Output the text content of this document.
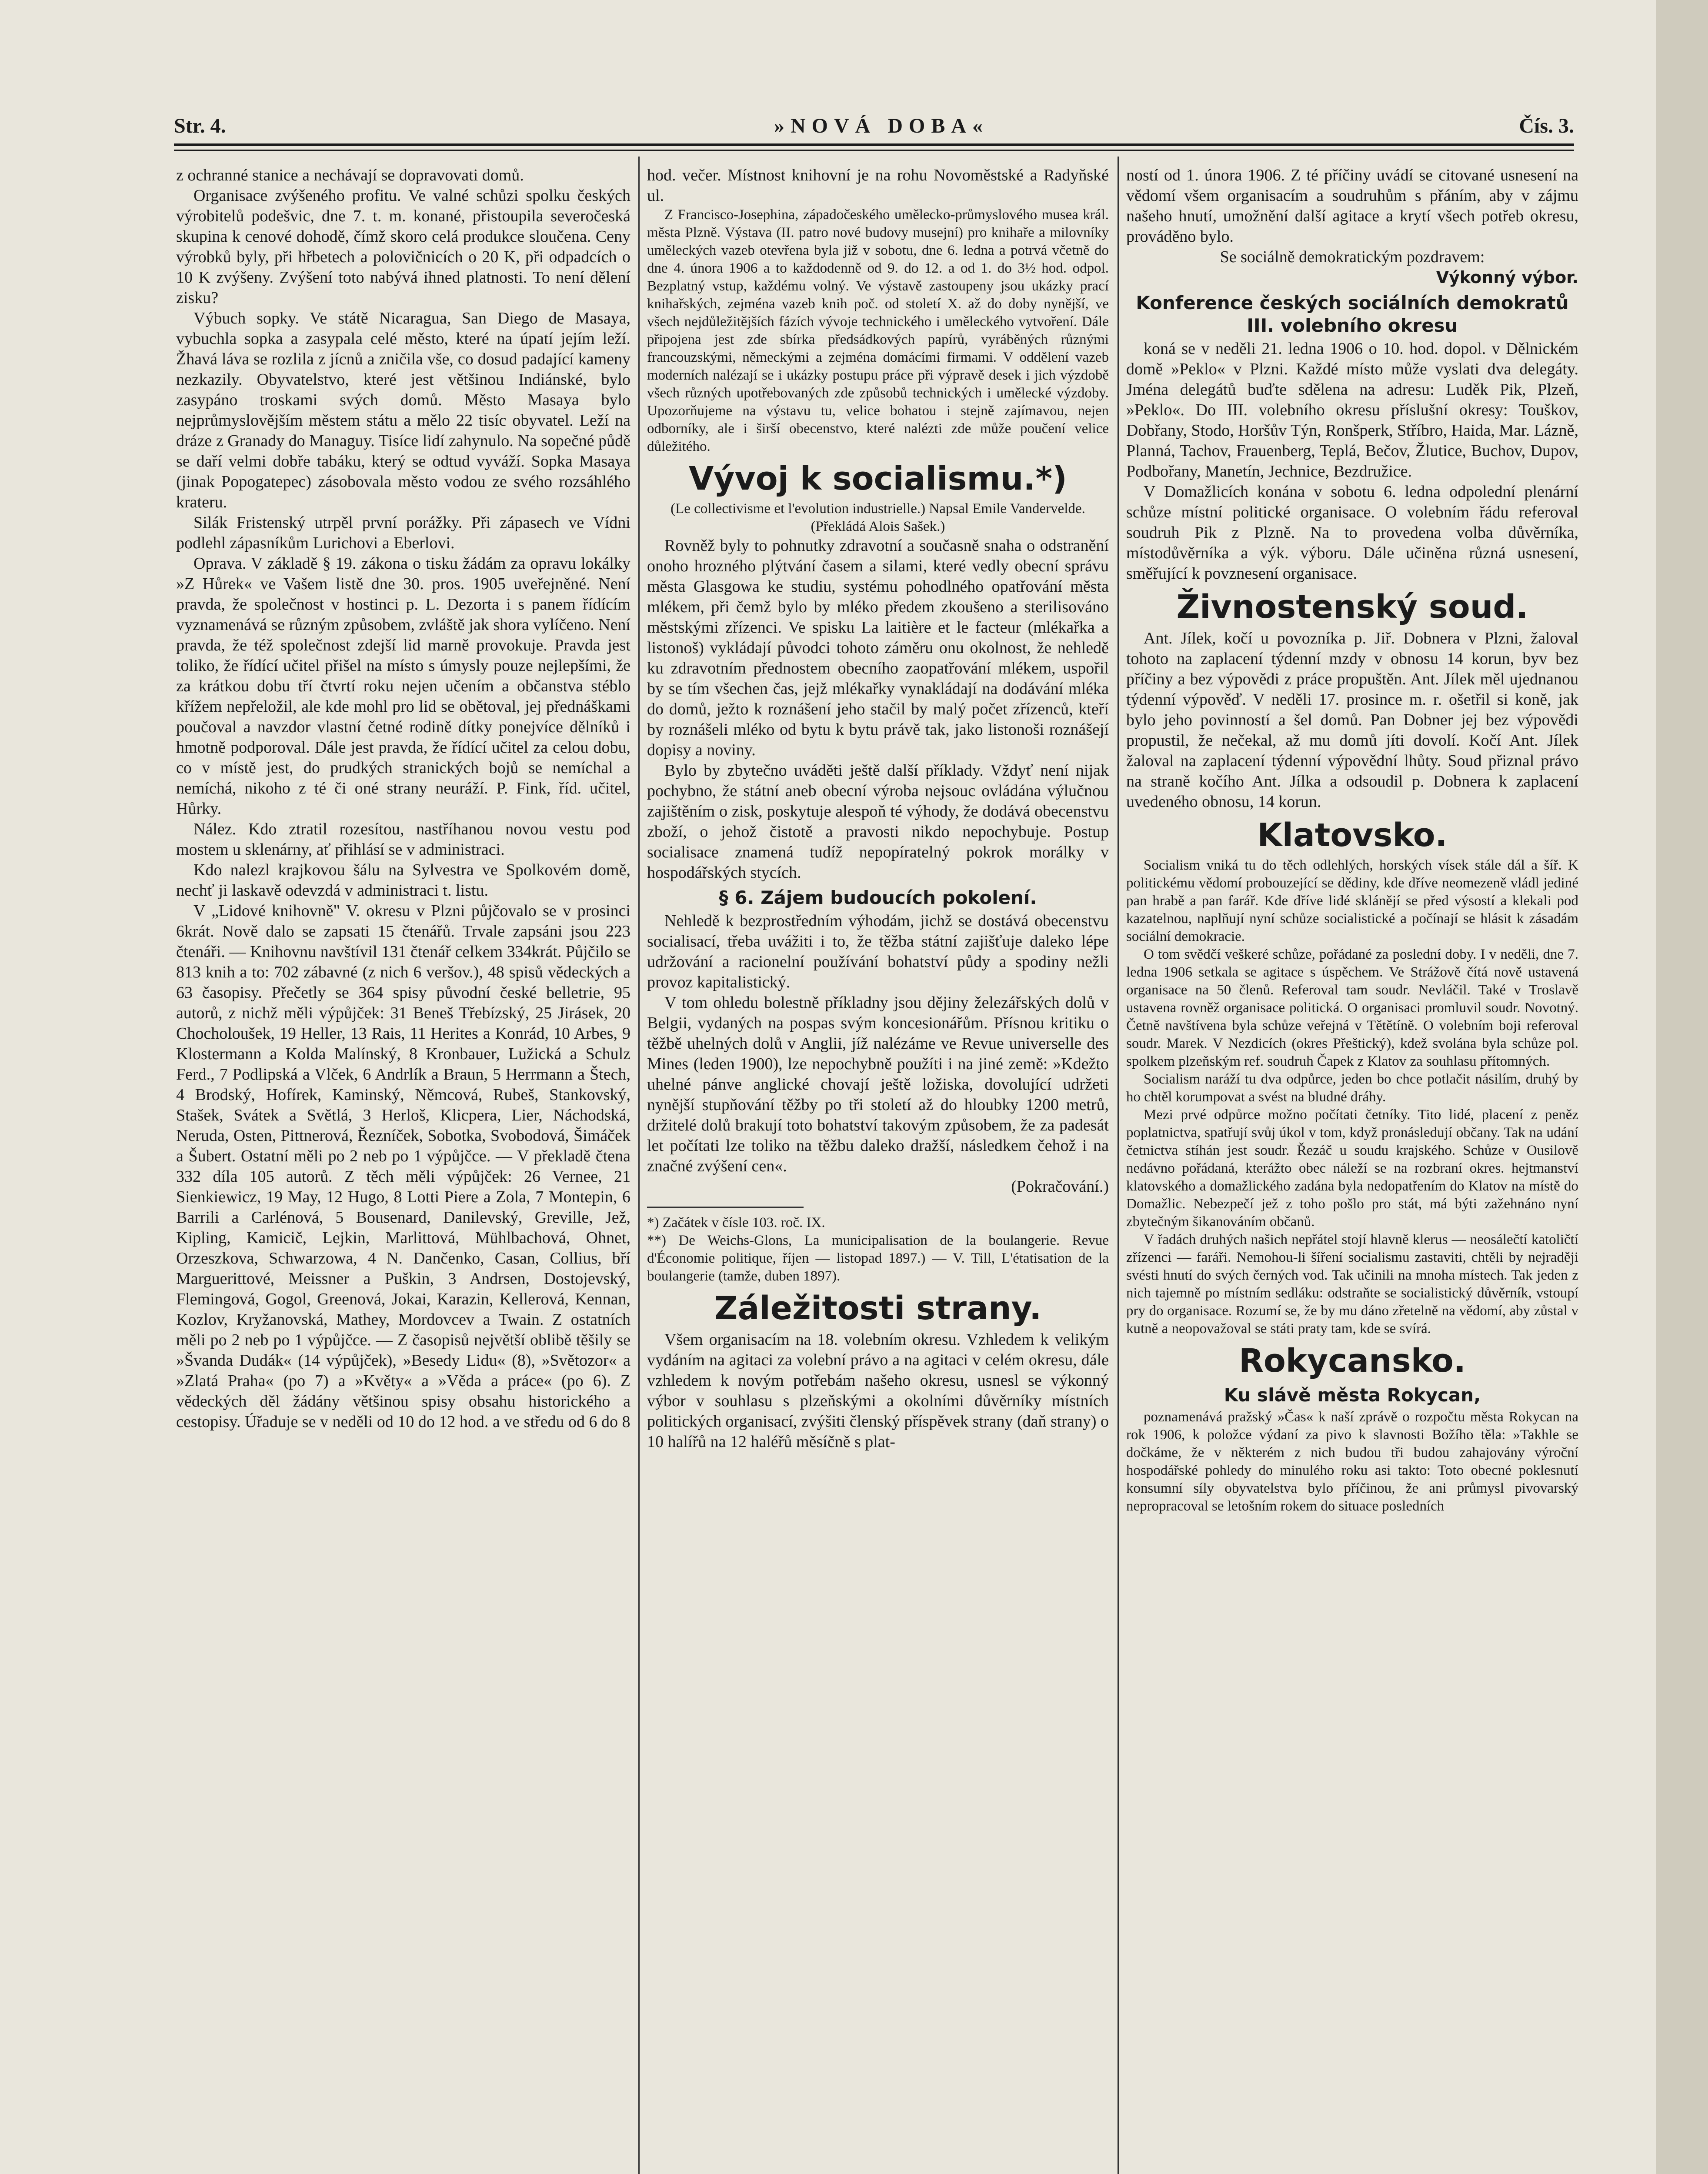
Str. 4.	»NOVÁ DOBA«	Čís. 3.

z ochranné stanice a nechávají se dopravovati domů.

Organisace zvýšeného profitu. Ve valné schůzi spolku českých výrobitelů podešvic, dne 7. t. m. konané, přistoupila severočeská skupina k cenové dohodě, čímž skoro celá produkce sloučena. Ceny výrobků byly, při hřbetech a polovičnicích o 20 K, při odpadcích o 10 K zvýšeny. Zvýšení toto nabývá ihned platnosti. To není dělení zisku?

Výbuch sopky. Ve státě Nicaragua, San Diego de Masaya, vybuchla sopka a zasypala celé město, které na úpatí jejím leží. Žhavá láva se rozlila z jícnů a zničila vše, co dosud padající kameny nezkazily. Obyvatelstvo, které jest většinou Indiánské, bylo zasypáno troskami svých domů. Město Masaya bylo nejprůmyslovějším městem státu a mělo 22 tisíc obyvatel. Leží na dráze z Granady do Managuy. Tisíce lidí zahynulo. Na sopečné půdě se daří velmi dobře tabáku, který se odtud vyváží. Sopka Masaya (jinak Popogatepec) zásobovala město vodou ze svého rozsáhlého krateru.

Silák Fristenský utrpěl první porážky. Při zápasech ve Vídni podlehl zápasníkům Lurichovi a Eberlovi.

Oprava. V základě § 19. zákona o tisku žádám za opravu lokálky »Z Hůrek« ve Vašem listě dne 30. pros. 1905 uveřejněné. Není pravda, že společnost v hostinci p. L. Dezorta i s panem řídícím vyznamenává se různým způsobem, zvláště jak shora vylíčeno. Není pravda, že též společnost zdejší lid marně provokuje. Pravda jest toliko, že řídící učitel přišel na místo s úmysly pouze nejlepšími, že za krátkou dobu tří čtvrtí roku nejen učením a občanstva stéblo křížem nepřeložil, ale kde mohl pro lid se obětoval, jej přednáškami poučoval a navzdor vlastní četné rodině dítky ponejvíce dělníků i hmotně podporoval. Dále jest pravda, že řídící učitel za celou dobu, co v místě jest, do prudkých stranických bojů se nemíchal a nemíchá, nikoho z té či oné strany neuráží. P. Fink, říd. učitel, Hůrky.

Nález. Kdo ztratil rozesítou, nastříhanou novou vestu pod mostem u sklenárny, ať přihlásí se v administraci.

Kdo nalezl krajkovou šálu na Sylvestra ve Spolkovém domě, nechť ji laskavě odevzdá v administraci t. listu.

V „Lidové knihovně" V. okresu v Plzni půjčovalo se v prosinci 6krát. Nově dalo se zapsati 15 čtenářů. Trvale zapsáni jsou 223 čtenáři. — Knihovnu navštívil 131 čtenář celkem 334krát. Půjčilo se 813 knih a to: 702 zábavné (z nich 6 veršov.), 48 spisů vědeckých a 63 časopisy. Přečetly se 364 spisy původní české belletrie, 95 autorů, z nichž měli výpůjček: 31 Beneš Třebízský, 25 Jirásek, 20 Chocholoušek, 19 Heller, 13 Rais, 11 Herites a Konrád, 10 Arbes, 9 Klostermann a Kolda Malínský, 8 Kronbauer, Lužická a Schulz Ferd., 7 Podlipská a Vlček, 6 Andrlík a Braun, 5 Herrmann a Štech, 4 Brodský, Hofírek, Kaminský, Němcová, Rubeš, Stankovský, Stašek, Svátek a Světlá, 3 Herloš, Klicpera, Lier, Náchodská, Neruda, Osten, Pittnerová, Řezníček, Sobotka, Svobodová, Šimáček a Šubert. Ostatní měli po 2 neb po 1 výpůjčce. — V překladě čtena 332 díla 105 autorů. Z těch měli výpůjček: 26 Vernee, 21 Sienkiewicz, 19 May, 12 Hugo, 8 Lotti Piere a Zola, 7 Montepin, 6 Barrili a Carlénová, 5 Bousenard, Danilevský, Greville, Jež, Kipling, Kamicič, Lejkin, Marlittová, Mühlbachová, Ohnet, Orzeszkova, Schwarzowa, 4 N. Dančenko, Casan, Collius, bří Marguerittové, Meissner a Puškin, 3 Andrsen, Dostojevský, Flemingová, Gogol, Greenová, Jokai, Karazin, Kellerová, Kennan, Kozlov, Kryžanovská, Mathey, Mordovcev a Twain. Z ostatních měli po 2 neb po 1 výpůjčce. — Z časopisů největší oblibě těšily se »Švanda Dudák« (14 výpůjček), »Besedy Lidu« (8), »Světozor« a »Zlatá Praha« (po 7) a »Květy« a »Věda a práce« (po 6). Z vědeckých děl žádány většinou spisy obsahu historického a cestopisy. Úřaduje se v neděli od 10 do 12 hod. a ve středu od 6 do 8

hod. večer. Místnost knihovní je na rohu Novoměstské a Radyňské ul.

Z Francisco-Josephina, západočeského umělecko-průmyslového musea král. města Plzně. Výstava (II. patro nové budovy musejní) pro knihaře a milovníky uměleckých vazeb otevřena byla již v sobotu, dne 6. ledna a potrvá včetně do dne 4. února 1906 a to každodenně od 9. do 12. a od 1. do 3½ hod. odpol. Bezplatný vstup, každému volný. Ve výstavě zastoupeny jsou ukázky prací knihařských, zejména vazeb knih poč. od století X. až do doby nynější, ve všech nejdůležitějších fázích vývoje technického i uměleckého vytvoření. Dále připojena jest zde sbírka předsádkových papírů, vyráběných různými francouzskými, německými a zejména domácími firmami. V oddělení vazeb moderních nalézají se i ukázky postupu práce při výpravě desek i jich výzdobě všech různých upotřebovaných zde způsobů technických i umělecké výzdoby. Upozorňujeme na výstavu tu, velice bohatou i stejně zajímavou, nejen odborníky, ale i širší obecenstvo, které nalézti zde může poučení velice důležitého.

Vývoj k socialismu.*)

(Le collectivisme et l'evolution industrielle.) Napsal Emile Vandervelde. (Překládá Alois Sašek.)

Rovněž byly to pohnutky zdravotní a současně snaha o odstranění onoho hrozného plýtvání časem a silami, které vedly obecní správu města Glasgowa ke studiu, systému pohodlného opatřování města mlékem, při čemž bylo by mléko předem zkoušeno a sterilisováno městskými zřízenci. Ve spisku La laitière et le facteur (mlékařka a listonoš) vykládají původci tohoto záměru onu okolnost, že nehledě ku zdravotním přednostem obecního zaopatřování mlékem, uspořil by se tím všechen čas, jejž mlékařky vynakládají na dodávání mléka do domů, ježto k roznášení jeho stačil by malý počet zřízenců, kteří by roznášeli mléko od bytu k bytu právě tak, jako listonoši roznášejí dopisy a noviny.

Bylo by zbytečno uváděti ještě další příklady. Vždyť není nijak pochybno, že státní aneb obecní výroba nejsouc ovládána výlučnou zajištěním o zisk, poskytuje alespoň té výhody, že dodává obecenstvu zboží, o jehož čistotě a pravosti nikdo nepochybuje. Postup socialisace znamená tudíž nepopíratelný pokrok morálky v hospodářských stycích.

§ 6. Zájem budoucích pokolení.

Nehledě k bezprostředním výhodám, jichž se dostává obecenstvu socialisací, třeba uvážiti i to, že těžba státní zajišťuje daleko lépe udržování a racionelní používání bohatství půdy a spodiny nežli provoz kapitalistický.

V tom ohledu bolestně příkladny jsou dějiny železářských dolů v Belgii, vydaných na pospas svým koncesionářům. Přísnou kritiku o těžbě uhelných dolů v Anglii, jíž nalézáme ve Revue universelle des Mines (leden 1900), lze nepochybně použíti i na jiné země: »Kdežto uhelné pánve anglické chovají ještě ložiska, dovolující udržeti nynější stupňování těžby po tři století až do hloubky 1200 metrů, držitelé dolů brakují toto bohatství takovým způsobem, že za padesát let počítati lze toliko na těžbu daleko dražší, následkem čehož i na značné zvýšení cen«.

(Pokračování.)

*) Začátek v čísle 103. roč. IX.

**) De Weichs-Glons, La municipalisation de la boulangerie. Revue d'Économie politique, říjen — listopad 1897.) — V. Till, L'étatisation de la boulangerie (tamže, duben 1897).

Záležitosti strany.

Všem organisacím na 18. volebním okresu. Vzhledem k velikým vydáním na agitaci za volební právo a na agitaci v celém okresu, dále vzhledem k novým potřebám našeho okresu, usnesl se výkonný výbor v souhlasu s plzeňskými a okolními důvěrníky místních politických organisací, zvýšiti členský příspěvek strany (daň strany) o 10 halířů na 12 haléřů měsíčně s plat-

ností od 1. února 1906. Z té příčiny uvádí se citované usnesení na vědomí všem organisacím a soudruhům s přáním, aby v zájmu našeho hnutí, umožnění další agitace a krytí všech potřeb okresu, prováděno bylo.

Se sociálně demokratickým pozdravem:

Výkonný výbor.

Konference českých sociálních demokratů III. volebního okresu

koná se v neděli 21. ledna 1906 o 10. hod. dopol. v Dělnickém domě »Peklo« v Plzni. Každé místo může vyslati dva delegáty. Jména delegátů buďte sdělena na adresu: Luděk Pik, Plzeň, »Peklo«. Do III. volebního okresu příslušní okresy: Touškov, Dobřany, Stodo, Horšův Týn, Ronšperk, Stříbro, Haida, Mar. Lázně, Planná, Tachov, Frauenberg, Teplá, Bečov, Žlutice, Buchov, Dupov, Podbořany, Manetín, Jechnice, Bezdružice.

V Domažlicích konána v sobotu 6. ledna odpolední plenární schůze místní politické organisace. O volebním řádu referoval soudruh Pik z Plzně. Na to provedena volba důvěrníka, místodůvěrníka a výk. výboru. Dále učiněna různá usnesení, směřující k povznesení organisace.

Živnostenský soud.

Ant. Jílek, kočí u povozníka p. Jiř. Dobnera v Plzni, žaloval tohoto na zaplacení týdenní mzdy v obnosu 14 korun, byv bez příčiny a bez výpovědi z práce propuštěn. Ant. Jílek měl ujednanou týdenní výpověď. V neděli 17. prosince m. r. ošetřil si koně, jak bylo jeho povinností a šel domů. Pan Dobner jej bez výpovědi propustil, že nečekal, až mu domů jíti dovolí. Kočí Ant. Jílek žaloval na zaplacení týdenní výpovědní lhůty. Soud přiznal právo na straně kočího Ant. Jílka a odsoudil p. Dobnera k zaplacení uvedeného obnosu, 14 korun.

Klatovsko.

Socialism vniká tu do těch odlehlých, horských vísek stále dál a šíř. K politickému vědomí probouzející se dědiny, kde dříve neomezeně vládl jediné pan hrabě a pan farář. Kde dříve lidé sklánějí se před výsostí a klekali pod kazatelnou, naplňují nyní schůze socialistické a počínají se hlásit k zásadám sociální demokracie.

O tom svědčí veškeré schůze, pořádané za poslední doby. I v neděli, dne 7. ledna 1906 setkala se agitace s úspěchem. Ve Strážově čítá nově ustavená organisace na 50 členů. Referoval tam soudr. Nevláčil. Také v Troslavě ustavena rovněž organisace politická. O organisaci promluvil soudr. Novotný. Četně navštívena byla schůze veřejná v Tětětíně. O volebním boji referoval soudr. Marek. V Nezdicích (okres Přeštický), kdež svolána byla schůze pol. spolkem plzeňským ref. soudruh Čapek z Klatov za souhlasu přítomných.

Socialism naráží tu dva odpůrce, jeden bo chce potlačit násilím, druhý by ho chtěl korumpovat a svést na bludné dráhy.

Mezi prvé odpůrce možno počítati četníky. Tito lidé, placení z peněz poplatnictva, spatřují svůj úkol v tom, když pronásledují občany. Tak na udání četnictva stíhán jest soudr. Řezáč u soudu krajského. Schůze v Ousilově nedávno pořádaná, kterážto obec náleží se na rozbraní okres. hejtmanství klatovského a domažlického zadána byla nedopatřením do Klatov na místě do Domažlic. Nebezpečí jež z toho pošlo pro stát, má býti zažehnáno nyní zbytečným šikanováním občanů.

V řadách druhých našich nepřátel stojí hlavně klerus — neosálečtí katoličtí zřízenci — faráři. Nemohou-li šíření socialismu zastaviti, chtěli by nejraději svésti hnutí do svých černých vod. Tak učinili na mnoha místech. Tak jeden z nich tajemně po místním sedláku: odstraňte se socialistický důvěrník, vstoupí pry do organisace. Rozumí se, že by mu dáno zřetelně na vědomí, aby zůstal v kutně a neopovažoval se státi praty tam, kde se svírá.

Rokycansko.
Ku slávě města Rokycan,

poznamenává pražský »Čas« k naší zprávě o rozpočtu města Rokycan na rok 1906, k položce výdaní za pivo k slavnosti Božího těla: »Takhle se dočkáme, že v některém z nich budou tři budou zahajovány výroční hospodářské pohledy do minulého roku asi takto: Toto obecné poklesnutí konsumní síly obyvatelstva bylo příčinou, že ani průmysl pivovarský nepropracoval se letošním rokem do situace posledních
